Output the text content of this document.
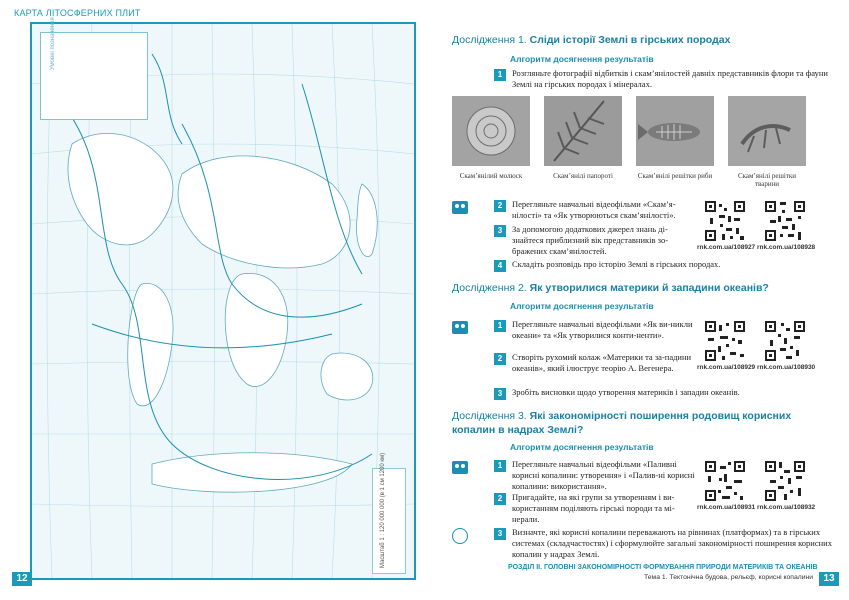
КАРТА ЛІТОСФЕРНИХ ПЛИТ
Умовні позначення
Масштаб 1 : 120 000 000 (в 1 см 1200 км)
12
Дослідження 1. Сліди історії Землі в гірських породах
Алгоритм досягнення результатів
1	Розгляньте фотографії відбитків і скам’янілостей давніх представників флори та фауни Землі на гірських породах і мінералах.
Скам’янілий молюск	Скам’янілі папороті	Скам’янілі решітки риби	Скам’янілі решітки тварини
2	Перегляньте навчальні відеофільми «Скам’я-нілості» та «Як утворюються скам’янілості».
3	За допомогою додаткових джерел знань ді-знайтеся приблизний вік представників зо-бражених скам’янілостей.
4	Складіть розповідь про історію Землі в гірських породах.
rnk.com.ua/108927 rnk.com.ua/108928
Дослідження 2. Як утворилися материки й западини океанів?
Алгоритм досягнення результатів
1	Перегляньте навчальні відеофільми «Як ви-никли океани» та «Як утворилися конти-ненти».
2	Створіть рухомий колаж «Материки та за-падини океанів», який ілюструє теорію А. Вегенера.
3	Зробіть висновки щодо утворення материків і западин океанів.
rnk.com.ua/108929 rnk.com.ua/108930
Дослідження 3. Які закономірності поширення родовищ корисних
копалин в надрах Землі?
Алгоритм досягнення результатів
1	Перегляньте навчальні відеофільми «Паливні корисні копалини: утворення» і «Палив-ні корисні копалини: використання».
2	Пригадайте, на які групи за утворенням і ви-користанням поділяють гірські породи та мі-нерали.
3	Визначте, які корисні копалини переважають на рівнинах (платформах) та в гірських системах (складчастостях) і сформулюйте загальні закономірності поширення корисних копалин у надрах Землі.
rnk.com.ua/108931 rnk.com.ua/108932
РОЗДІЛ ІІ. ГОЛОВНІ ЗАКОНОМІРНОСТІ ФОРМУВАННЯ ПРИРОДИ МАТЕРИКІВ ТА ОКЕАНІВ
Тема 1. Тектонічна будова, рельєф, корисні копалини	13
